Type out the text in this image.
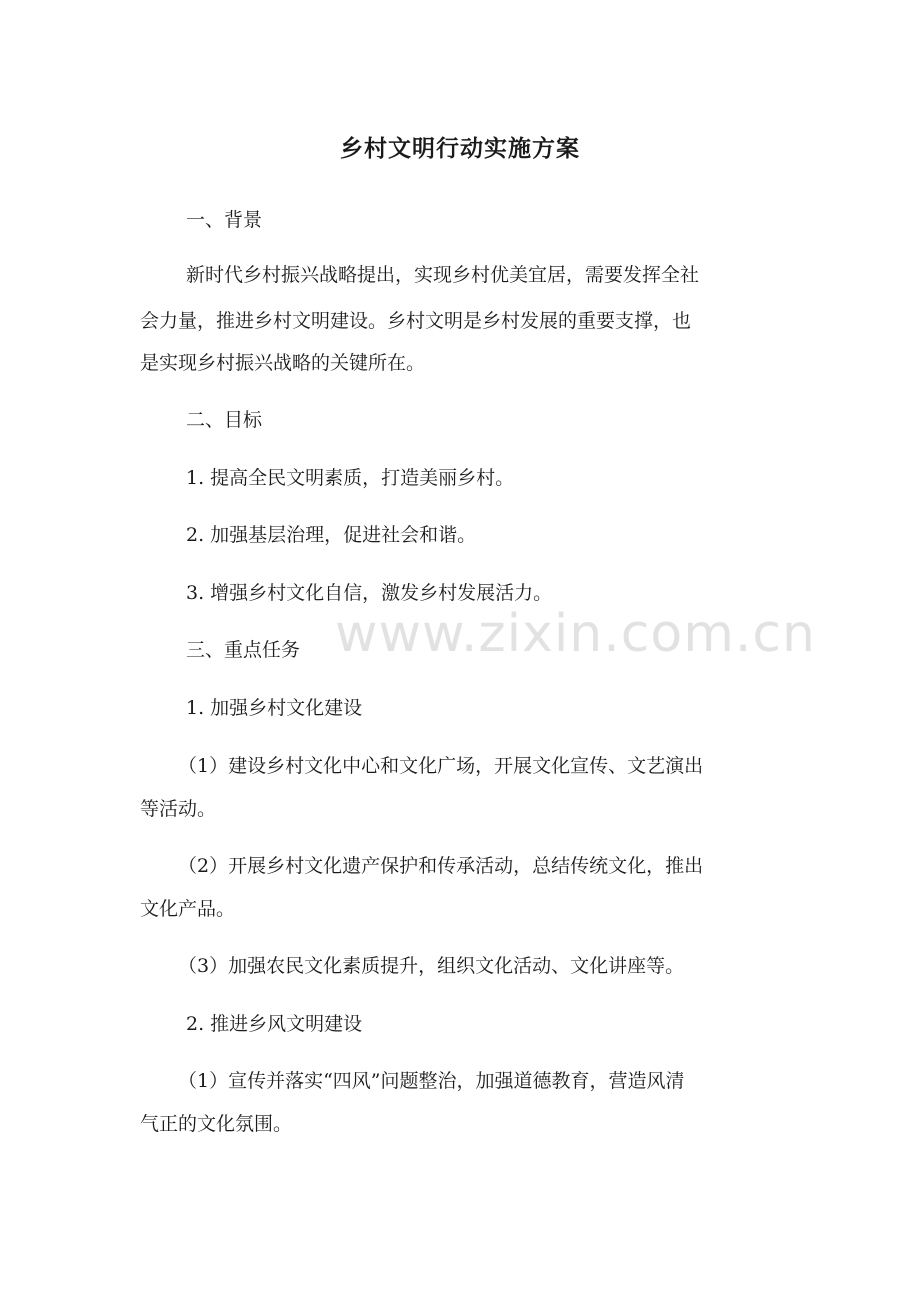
乡村文明行动实施方案
一、背景
新时代乡村振兴战略提出，实现乡村优美宜居，需要发挥全社
会力量，推进乡村文明建设。乡村文明是乡村发展的重要支撑，也
是实现乡村振兴战略的关键所在。
二、目标
1. 提高全民文明素质，打造美丽乡村。
2. 加强基层治理，促进社会和谐。
3. 增强乡村文化自信，激发乡村发展活力。
三、重点任务
1. 加强乡村文化建设
（1）建设乡村文化中心和文化广场，开展文化宣传、文艺演出
等活动。
（2）开展乡村文化遗产保护和传承活动，总结传统文化，推出
文化产品。
（3）加强农民文化素质提升，组织文化活动、文化讲座等。
2. 推进乡风文明建设
（1）宣传并落实“四风”问题整治，加强道德教育，营造风清
气正的文化氛围。
www.zixin.com.cn
